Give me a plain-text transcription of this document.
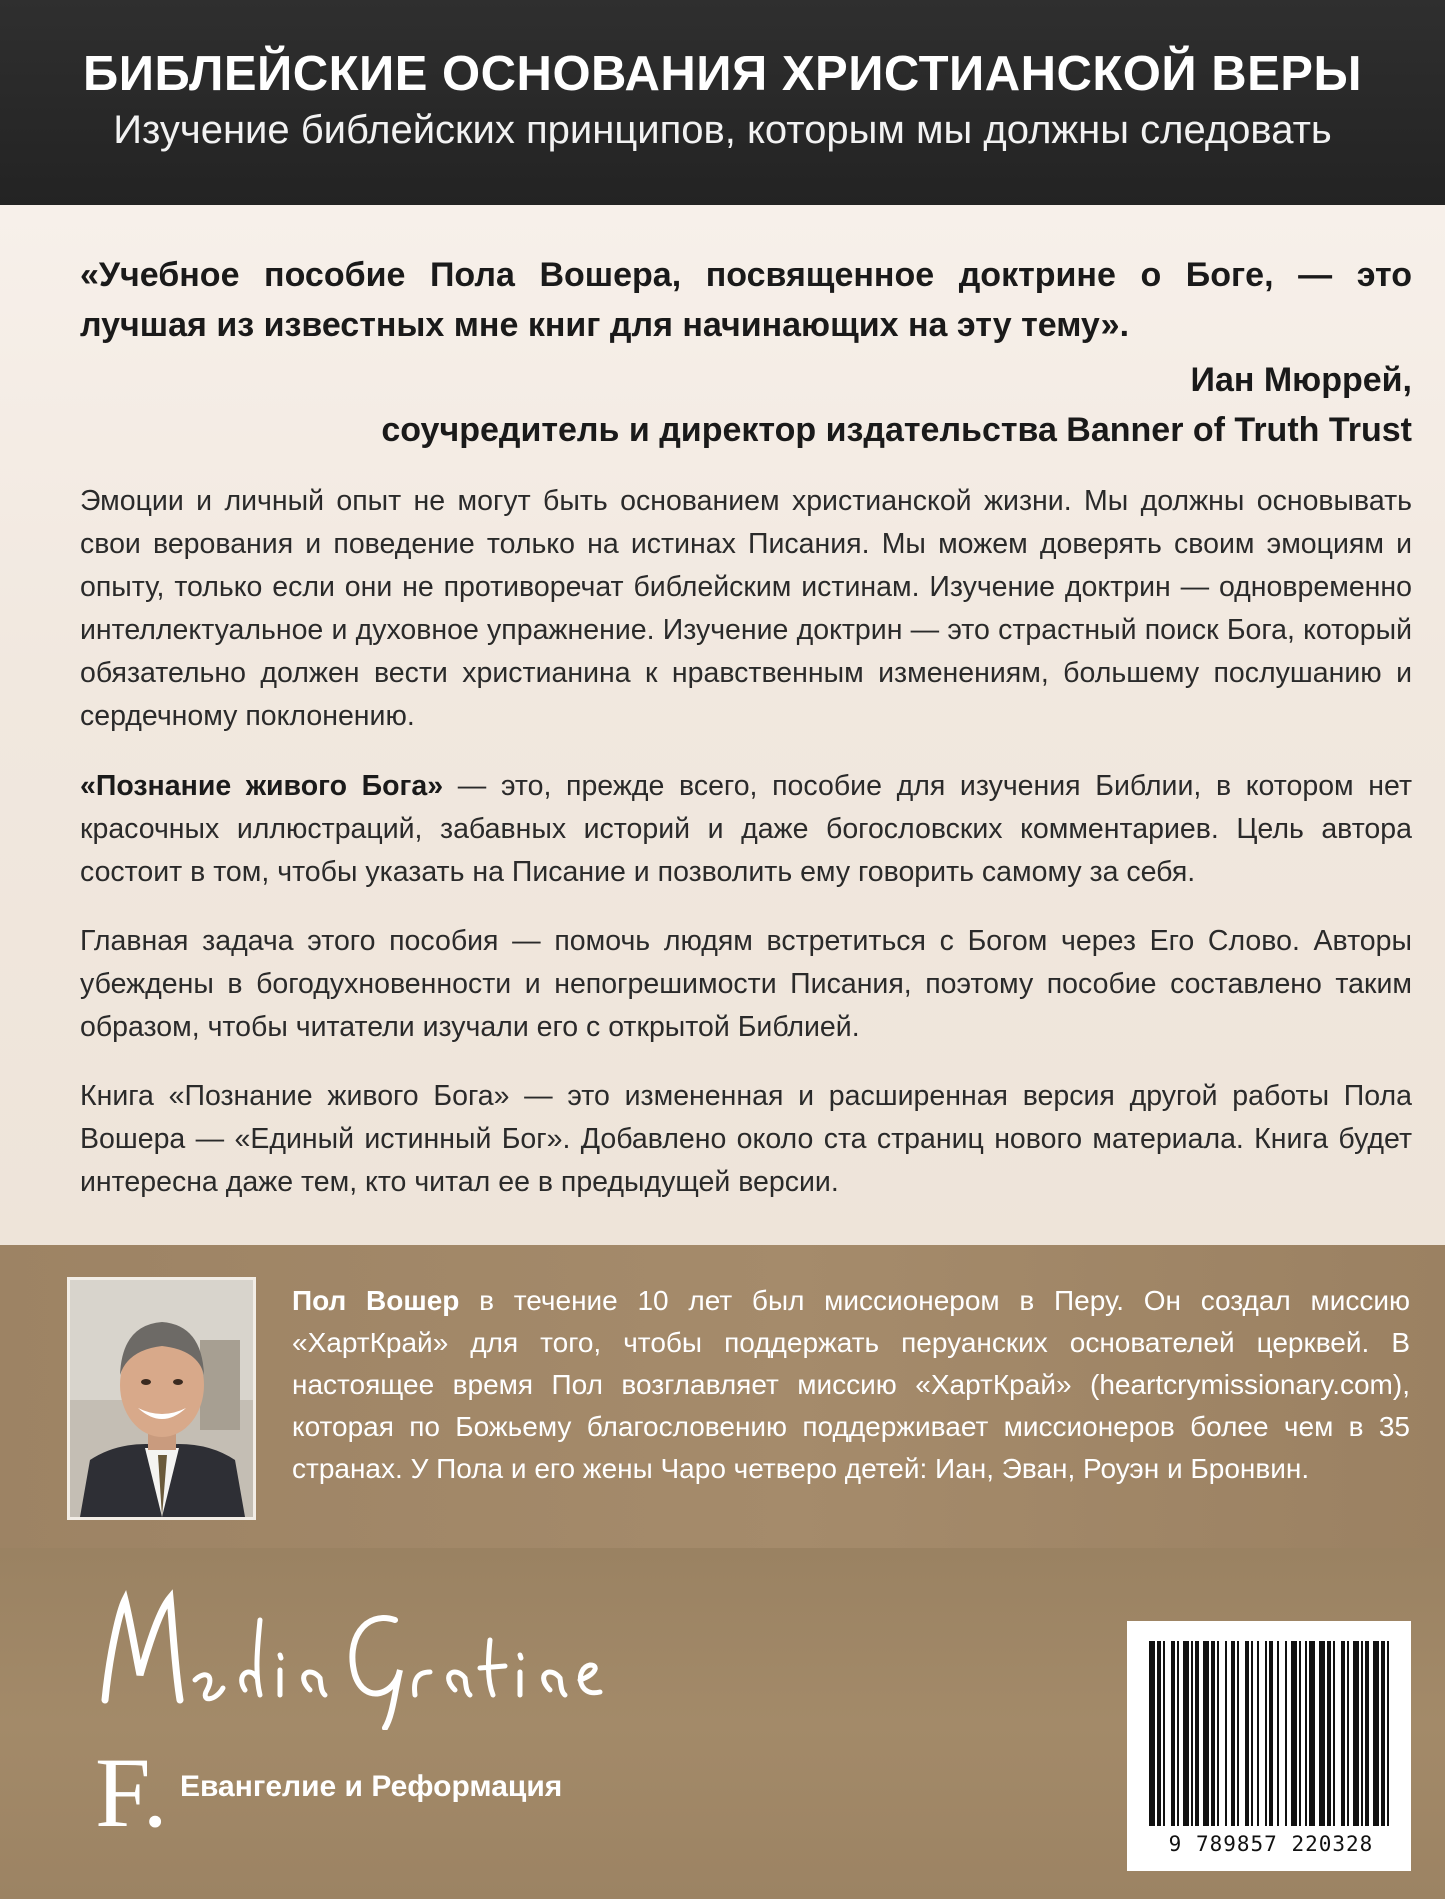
БИБЛЕЙСКИЕ ОСНОВАНИЯ ХРИСТИАНСКОЙ ВЕРЫ
Изучение библейских принципов, которым мы должны следовать
«Учебное пособие Пола Вошера, посвященное доктрине о Боге, — это лучшая из известных мне книг для начинающих на эту тему».
Иан Мюррей,
соучредитель и директор издательства Banner of Truth Trust
Эмоции и личный опыт не могут быть основанием христианской жизни. Мы должны основывать свои верования и поведение только на истинах Писания. Мы можем доверять своим эмоциям и опыту, только если они не противоречат библейским истинам. Изучение доктрин — одновременно интеллектуальное и духовное упражнение. Изучение доктрин — это страстный поиск Бога, который обязательно должен вести христианина к нравственным изменениям, большему послушанию и сердечному поклонению.
«Познание живого Бога» — это, прежде всего, пособие для изучения Библии, в котором нет красочных иллюстраций, забавных историй и даже богословских комментариев. Цель автора состоит в том, чтобы указать на Писание и позволить ему говорить самому за себя.
Главная задача этого пособия — помочь людям встретиться с Богом через Его Слово. Авторы убеждены в богодухновенности и непогрешимости Писания, поэтому пособие составлено таким образом, чтобы читатели изучали его с открытой Библией.
Книга «Познание живого Бога» — это измененная и расширенная версия другой работы Пола Вошера — «Единый истинный Бог». Добавлено около ста страниц нового материала. Книга будет интересна даже тем, кто читал ее в предыдущей версии.
Пол Вошер в течение 10 лет был миссионером в Перу. Он создал миссию «ХартКрай» для того, чтобы поддержать перуанских основателей церквей. В настоящее время Пол возглавляет миссию «ХартКрай» (heartcrymissionary.com), которая по Божьему благословению поддерживает миссионеров более чем в 35 странах. У Пола и его жены Чаро четверо детей: Иан, Эван, Роуэн и Бронвин.
F. Евангелие и Реформация
9 789857 220328
